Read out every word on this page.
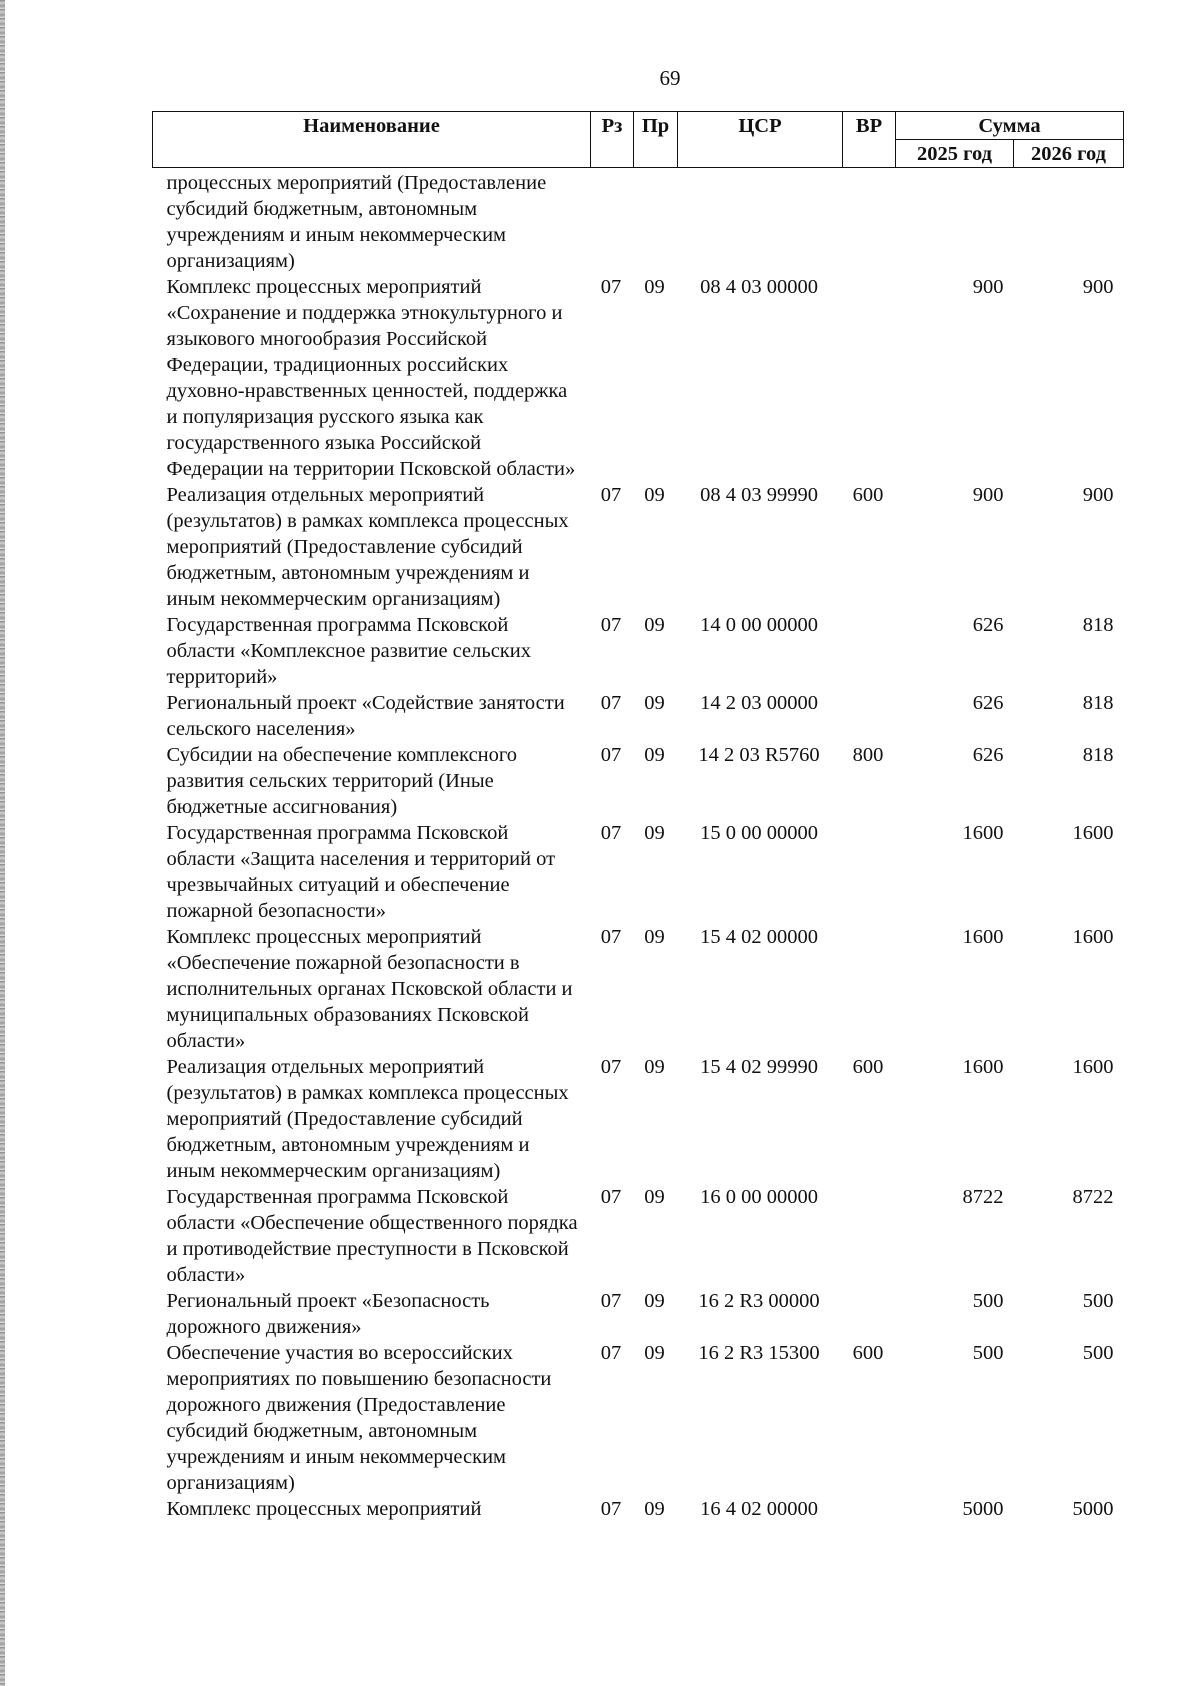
69
Наименование	Рз	Пр	ЦСР	ВР	Сумма	
					2025 год	2026 год
процессных мероприятий (Предоставление субсидий бюджетным, автономным учреждениям и иным некоммерческим организациям)						
Комплекс процессных мероприятий «Сохранение и поддержка этнокультурного и языкового многообразия Российской Федерации, традиционных российских духовно-нравственных ценностей, поддержка и популяризация русского языка как государственного языка Российской Федерации на территории Псковской области»	07	09	08 4 03 00000		900	900
Реализация отдельных мероприятий (результатов) в рамках комплекса процессных мероприятий (Предоставление субсидий бюджетным, автономным учреждениям и иным некоммерческим организациям)	07	09	08 4 03 99990	600	900	900
Государственная программа Псковской области «Комплексное развитие сельских территорий»	07	09	14 0 00 00000		626	818
Региональный проект «Содействие занятости сельского населения»	07	09	14 2 03 00000		626	818
Субсидии на обеспечение комплексного развития сельских территорий (Иные бюджетные ассигнования)	07	09	14 2 03 R5760	800	626	818
Государственная программа Псковской области «Защита населения и территорий от чрезвычайных ситуаций и обеспечение пожарной безопасности»	07	09	15 0 00 00000		1600	1600
Комплекс процессных мероприятий «Обеспечение пожарной безопасности в исполнительных органах Псковской области и муниципальных образованиях Псковской области»	07	09	15 4 02 00000		1600	1600
Реализация отдельных мероприятий (результатов) в рамках комплекса процессных мероприятий (Предоставление субсидий бюджетным, автономным учреждениям и иным некоммерческим организациям)	07	09	15 4 02 99990	600	1600	1600
Государственная программа Псковской области «Обеспечение общественного порядка и противодействие преступности в Псковской области»	07	09	16 0 00 00000		8722	8722
Региональный проект «Безопасность дорожного движения»	07	09	16 2 R3 00000		500	500
Обеспечение участия во всероссийских мероприятиях по повышению безопасности дорожного движения (Предоставление субсидий бюджетным, автономным учреждениям и иным некоммерческим организациям)	07	09	16 2 R3 15300	600	500	500
Комплекс процессных мероприятий	07	09	16 4 02 00000		5000	5000
